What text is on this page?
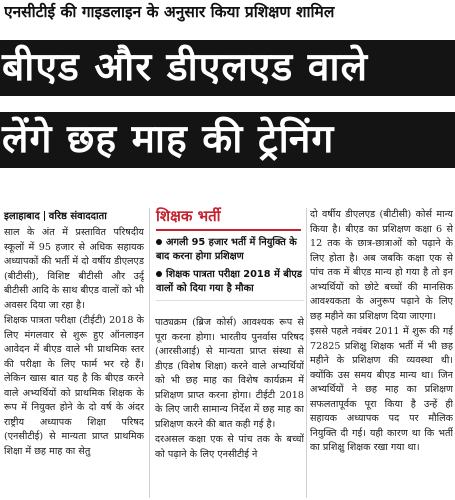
एनसीटीई की गाइडलाइन के अनुसार किया प्रशिक्षण शामिल
बीएड और डीएलएड वाले
लेंगे छह माह की ट्रेनिंग
इलाहाबाद वरिष्ठ संवाददाता

साल के अंत में प्रस्तावित परिषदीय स्कूलों में 95 हजार से अधिक सहायक अध्यापकों की भर्ती में दो वर्षीय डीएलएड (बीटीसी), विशिष्ट बीटीसी और उर्दू बीटीसी आदि के साथ बीएड वालों को भी अवसर दिया जा रहा है।

शिक्षक पात्रता परीक्षा (टीईटी) 2018 के लिए मंगलवार से शुरू हुए ऑनलाइन आवेदन में बीएड वाले भी प्राथमिक स्तर की परीक्षा के लिए फार्म भर रहे हैं। लेकिन खास बात यह है कि बीएड करने वाले अभ्यर्थियों को प्राथमिक शिक्षक के रूप में नियुक्त होने के दो वर्ष के अंदर राष्ट्रीय अध्यापक शिक्षा परिषद (एनसीटीई) से मान्यता प्राप्त प्राथमिक शिक्षा में छह माह का सेतु

शिक्षक भर्ती
अगली 95 हजार भर्ती में नियुक्ति के बाद करना होगा प्रशिक्षण
शिक्षक पात्रता परीक्षा 2018 में बीएड वालों को दिया गया है मौका

पाठ्यक्रम (ब्रिज कोर्स) आवश्यक रूप से पूरा करना होगा। भारतीय पुनर्वास परिषद (आरसीआई) से मान्यता प्राप्त संस्था से डीएड (विशेष शिक्षा) करने वाले अभ्यर्थियों को भी छह माह का विशेष कार्यक्रम में प्रशिक्षण प्राप्त करना होगा। टीईटी 2018 के लिए जारी सामान्य निर्देश में छह माह का प्रशिक्षण करने की बात कही गई है।

दरअसल कक्षा एक से पांच तक के बच्चों को पढ़ाने के लिए एनसीटीई ने

दो वर्षीय डीएलएड (बीटीसी) कोर्स मान्य किया है। बीएड का प्रशिक्षण कक्षा 6 से 12 तक के छात्र-छात्राओं को पढ़ाने के लिए होता है। अब जबकि कक्षा एक से पांच तक में बीएड मान्य हो गया है तो इन अभ्यर्थियों को छोटे बच्चों की मानसिक आवश्यकता के अनुरूप पढ़ाने के लिए छह महीने का प्रशिक्षण दिया जाएगा।

इससे पहले नवंबर 2011 में शुरू की गई 72825 प्रशिक्षु शिक्षक भर्ती में भी छह महीने के प्रशिक्षण की व्यवस्था थी। क्योंकि उस समय बीएड मान्य था। जिन अभ्यर्थियों ने छह माह का प्रशिक्षण सफलतापूर्वक पूरा किया है उन्हें ही सहायक अध्यापक पद पर मौलिक नियुक्ति दी गई। यही कारण था कि भर्ती का प्रशिक्षु शिक्षक रखा गया था।
